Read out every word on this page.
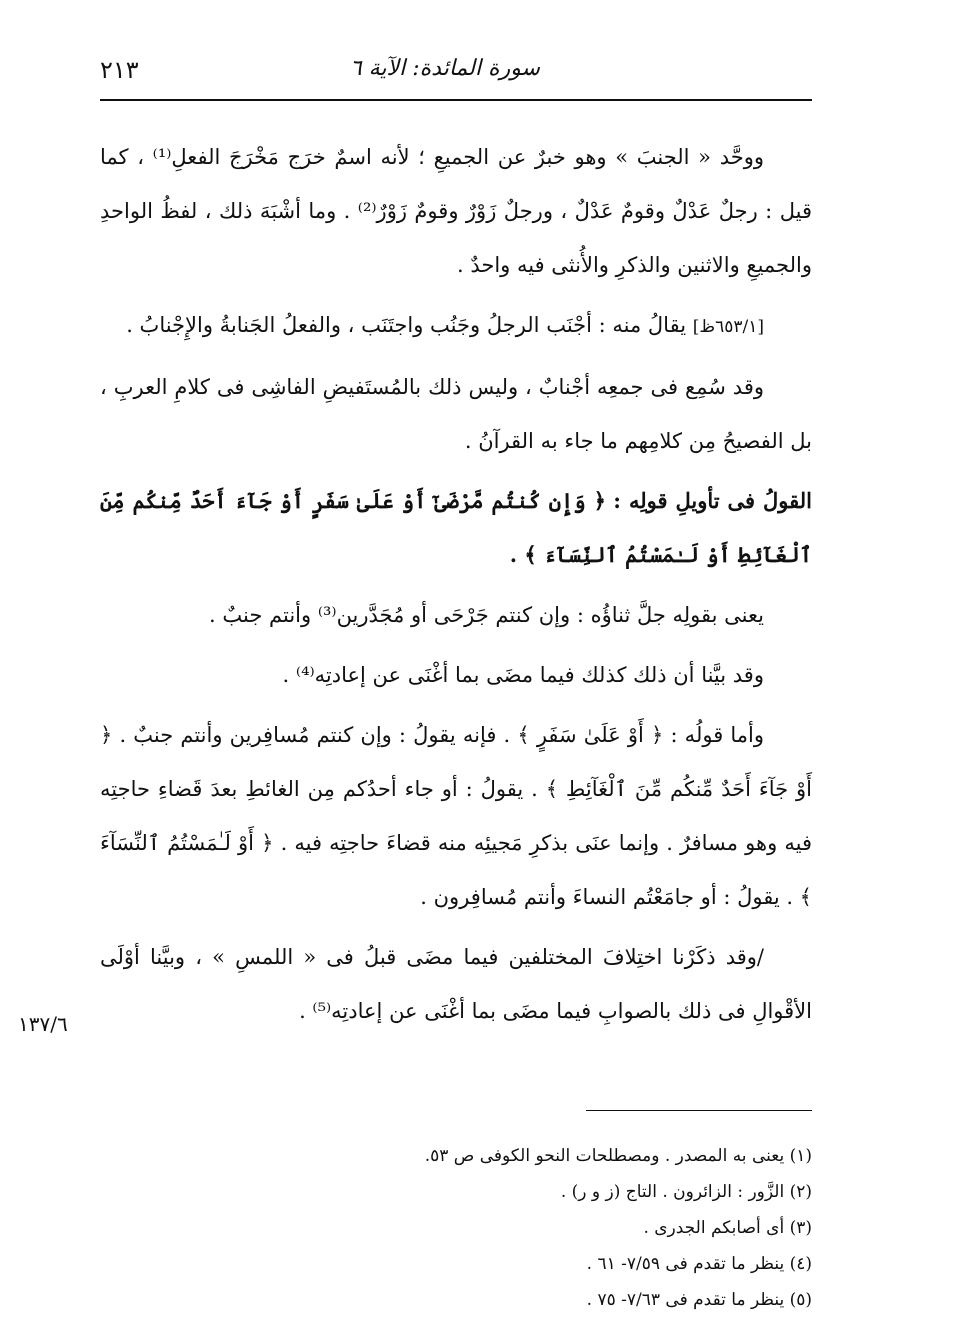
سورة المائدة: الآية ٦
٢١٣

ووحَّد « الجنبَ » وهو خبرٌ عن الجميعِ ؛ لأنه اسمٌ خرَج مَخْرَجَ الفعلِ⁽¹⁾ ، كما قيل : رجلٌ عَدْلٌ وقومٌ عَدْلٌ ، ورجلٌ زَوْرٌ وقومٌ زَوْرٌ⁽²⁾ . وما أشْبَهَ ذلك ، لفظُ الواحدِ والجميعِ والاثنين والذكرِ والأُنثى فيه واحدٌ .

[٦٥٣/١ظ] يقالُ منه : أجْنَب الرجلُ وجَنُب واجتَنَب ، والفعلُ الجَنابةُ والإِجْنابُ .

وقد سُمِع فى جمعِه أجْنابٌ ، وليس ذلك بالمُستَفيضِ الفاشِى فى كلامِ العربِ ، بل الفصيحُ مِن كلامِهم ما جاء به القرآنُ .

القولُ فى تأويلِ قولِه : ﴿ وَإِن كُنتُم مَّرْضَىٰٓ أَوْ عَلَىٰ سَفَرٍ أَوْ جَآءَ أَحَدٌ مِّنكُم مِّنَ ٱلْغَآئِطِ أَوْ لَـٰمَسْتُمُ ٱلنِّسَآءَ ﴾ .

يعنى بقولِه جلَّ ثناؤُه : وإن كنتم جَرْحَى أو مُجَدَّرين⁽³⁾ وأنتم جنبٌ .

وقد بيَّنا أن ذلك كذلك فيما مضَى بما أغْنَى عن إعادتِه⁽⁴⁾ .

وأما قولُه : ﴿ أَوْ عَلَىٰ سَفَرٍ ﴾ . فإنه يقولُ : وإن كنتم مُسافِرين وأنتم جنبٌ . ﴿ أَوْ جَآءَ أَحَدٌ مِّنكُم مِّنَ ٱلْغَآئِطِ ﴾ . يقولُ : أو جاء أحدُكم مِن الغائطِ بعدَ قَضاءِ حاجتِه فيه وهو مسافرٌ . وإنما عنَى بذكرِ مَجيئِه منه قضاءَ حاجتِه فيه . ﴿ أَوْ لَـٰمَسْتُمُ ٱلنِّسَآءَ ﴾ . يقولُ : أو جامَعْتُم النساءَ وأنتم مُسافِرون .

/وقد ذكَرْنا اختِلافَ المختلفين فيما مضَى قبلُ فى « اللمسِ » ، وبيَّنا أوْلَى الأقْوالِ فى ذلك بالصوابِ فيما مضَى بما أغْنَى عن إعادتِه⁽⁵⁾ .

١٣٧/٦

(١) يعنى به المصدر . ومصطلحات النحو الكوفى ص ٥٣.

(٢) الزَّور : الزائرون . التاج (ز و ر) .

(٣) أى أصابكم الجدرى .

(٤) ينظر ما تقدم فى ٧/٥٩- ٦١ .

(٥) ينظر ما تقدم فى ٧/٦٣- ٧٥ .
